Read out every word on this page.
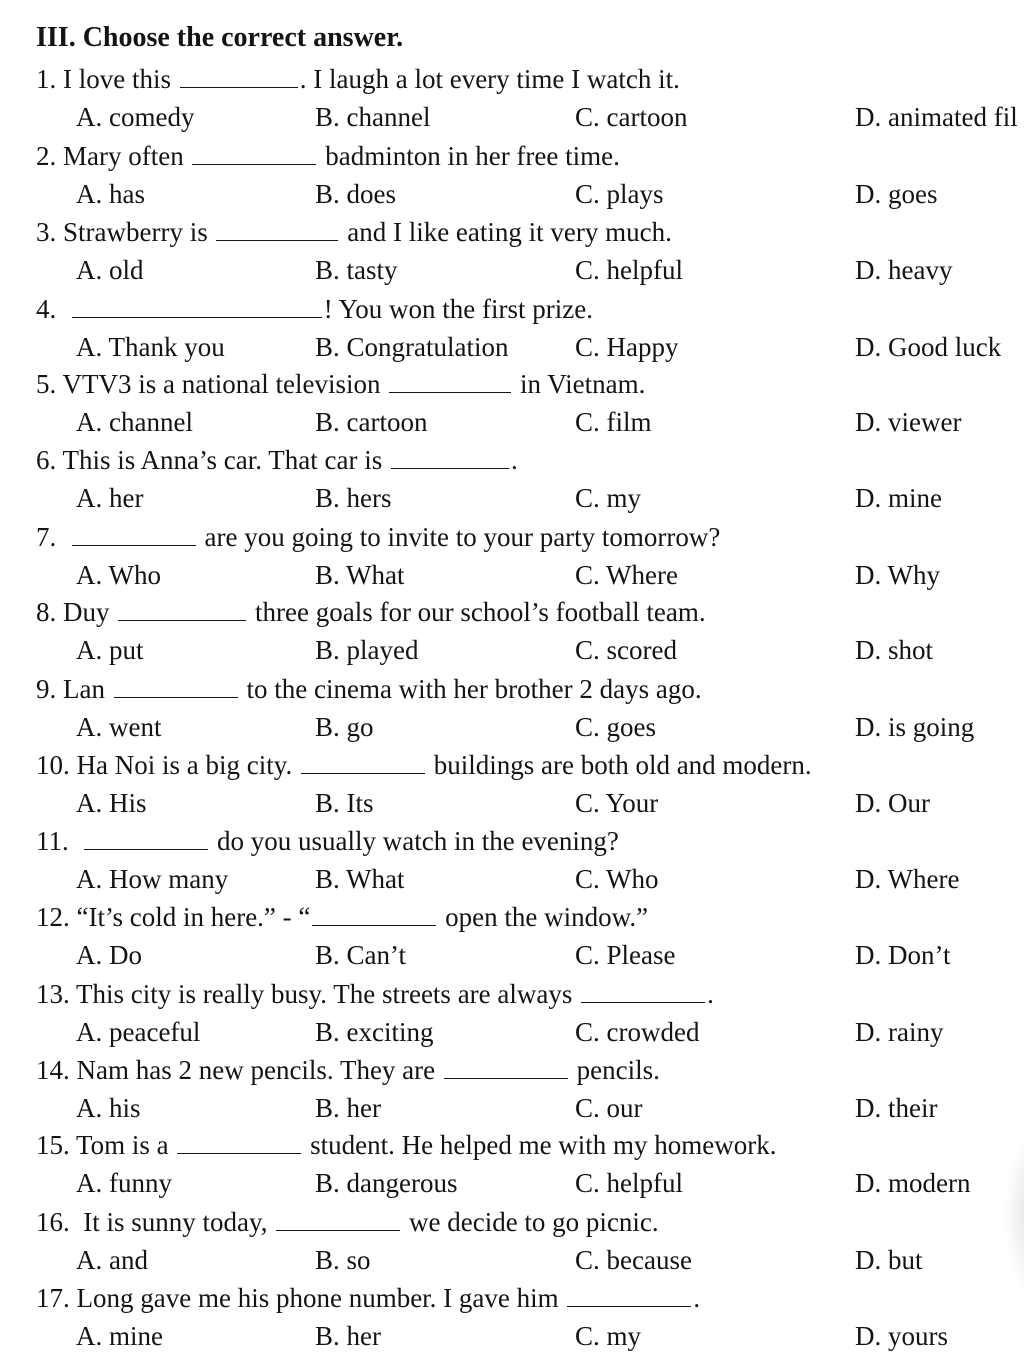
III. Choose the correct answer.
1. I love this	. I laugh a lot every time I watch it.
A. comedy	B. channel	C. cartoon	D. animated fil
2. Mary often	badminton in her free time.
A. has	B. does	C. plays	D. goes
3. Strawberry is	and I like eating it very much.
A. old	B. tasty	C. helpful	D. heavy
4.	! You won the first prize.
A. Thank you	B. Congratulation C. Happy	D. Good luck
5. VTV3 is a national television	in Vietnam.
A. channel	B. cartoon	C. film	D. viewer
6. This is Anna’s car. That car is	.
A. her	B. hers	C. my	D. mine
7.	are you going to invite to your party tomorrow?
A. Who	B. What	C. Where	D. Why
8. Duy	three goals for our school’s football team.
A. put	B. played	C. scored	D. shot
9. Lan	to the cinema with her brother 2 days ago.
A. went	B. go	C. goes	D. is going
10. Ha Noi is a big city.	buildings are both old and modern.
A. His	B. Its	C. Your	D. Our
11.	do you usually watch in the evening?
A. How many	B. What	C. Who	D. Where
12. “It’s cold in here.” - “	open the window.”
A. Do	B. Can’t	C. Please	D. Don’t
13. This city is really busy. The streets are always	.
A. peaceful	B. exciting	C. crowded	D. rainy
14. Nam has 2 new pencils. They are	pencils.
A. his	B. her	C. our	D. their
15. Tom is a	student. He helped me with my homework.
A. funny	B. dangerous	C. helpful	D. modern
16.  It is sunny today,	we decide to go picnic.
A. and	B. so	C. because	D. but
17. Long gave me his phone number. I gave him	.
A. mine	B. her	C. my	D. yours
